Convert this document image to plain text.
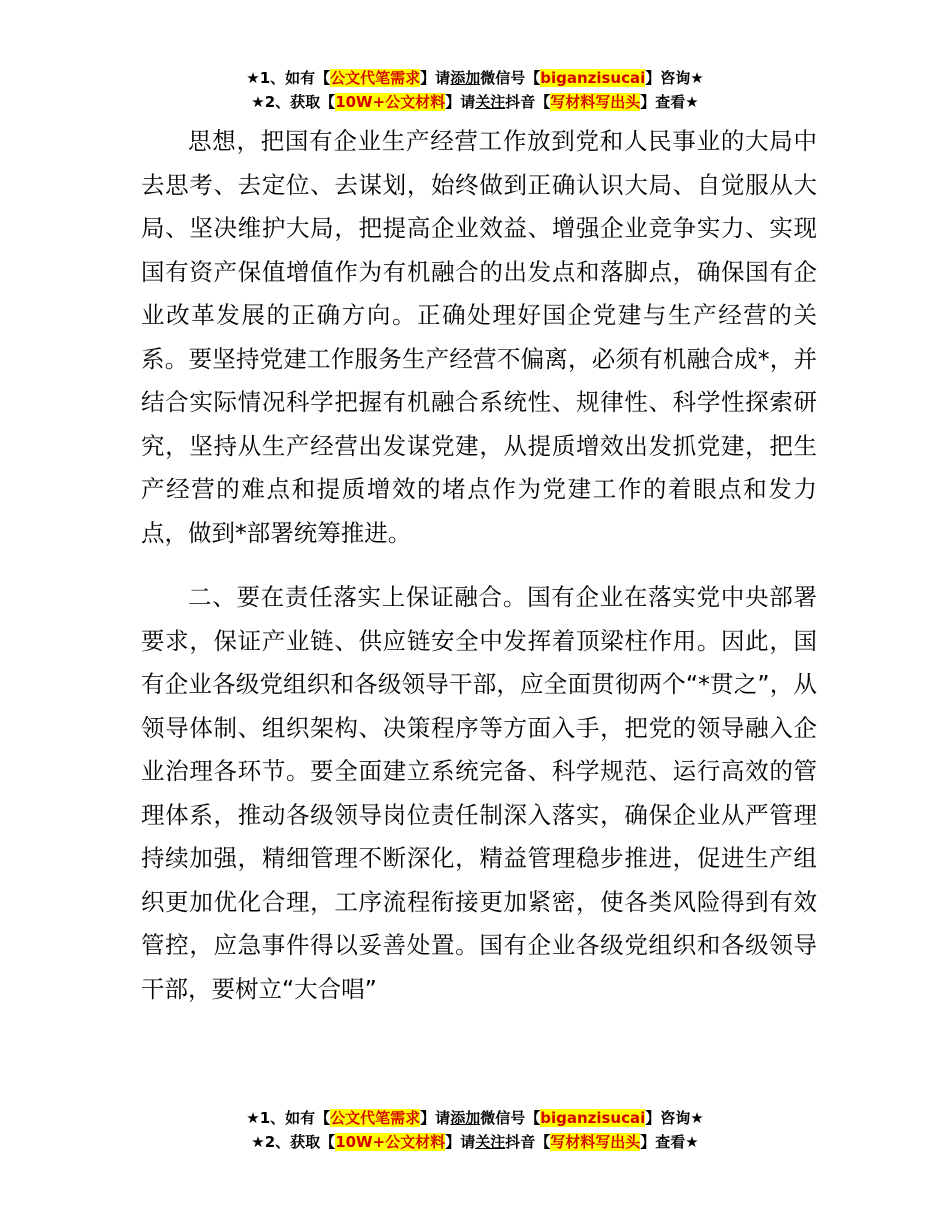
★1、如有【公文代笔需求】请添加微信号【biganzisucai】咨询★
★2、获取【10W+公文材料】请关注抖音【写材料写出头】查看★

思想，把国有企业生产经营工作放到党和人民事业的大局中去思考、去定位、去谋划，始终做到正确认识大局、自觉服从大局、坚决维护大局，把提高企业效益、增强企业竞争实力、实现国有资产保值增值作为有机融合的出发点和落脚点，确保国有企业改革发展的正确方向。正确处理好国企党建与生产经营的关系。要坚持党建工作服务生产经营不偏离，必须有机融合成*，并结合实际情况科学把握有机融合系统性、规律性、科学性探索研究，坚持从生产经营出发谋党建，从提质增效出发抓党建，把生产经营的难点和提质增效的堵点作为党建工作的着眼点和发力点，做到*部署统筹推进。

二、要在责任落实上保证融合。国有企业在落实党中央部署要求，保证产业链、供应链安全中发挥着顶梁柱作用。因此，国有企业各级党组织和各级领导干部，应全面贯彻两个“*贯之”，从领导体制、组织架构、决策程序等方面入手，把党的领导融入企业治理各环节。要全面建立系统完备、科学规范、运行高效的管理体系，推动各级领导岗位责任制深入落实，确保企业从严管理持续加强，精细管理不断深化，精益管理稳步推进，促进生产组织更加优化合理，工序流程衔接更加紧密，使各类风险得到有效管控，应急事件得以妥善处置。国有企业各级党组织和各级领导干部，要树立“大合唱”

★1、如有【公文代笔需求】请添加微信号【biganzisucai】咨询★
★2、获取【10W+公文材料】请关注抖音【写材料写出头】查看★
